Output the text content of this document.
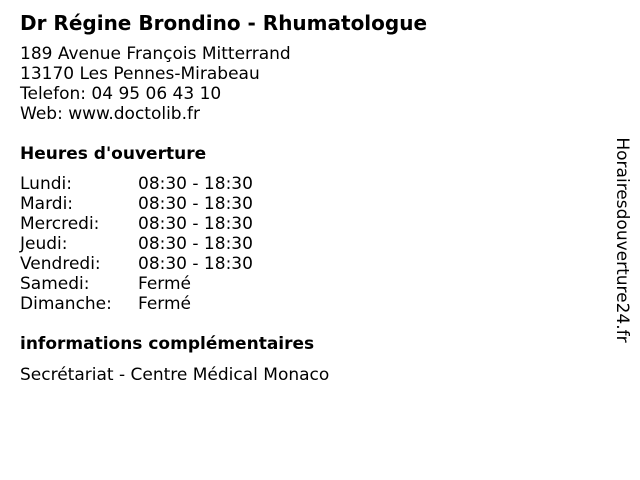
Dr Régine Brondino - Rhumatologue
189 Avenue François Mitterrand
13170 Les Pennes-Mirabeau
Telefon: 04 95 06 43 10
Web: www.doctolib.fr
Heures d'ouverture
Lundi:	08:30 - 18:30
Mardi:	08:30 - 18:30
Mercredi: 08:30 - 18:30
Jeudi:	08:30 - 18:30
Vendredi: 08:30 - 18:30
Samedi:	Fermé
Dimanche: Fermé
informations complémentaires
Secrétariat - Centre Médical Monaco
Horairesdouverture24.fr
